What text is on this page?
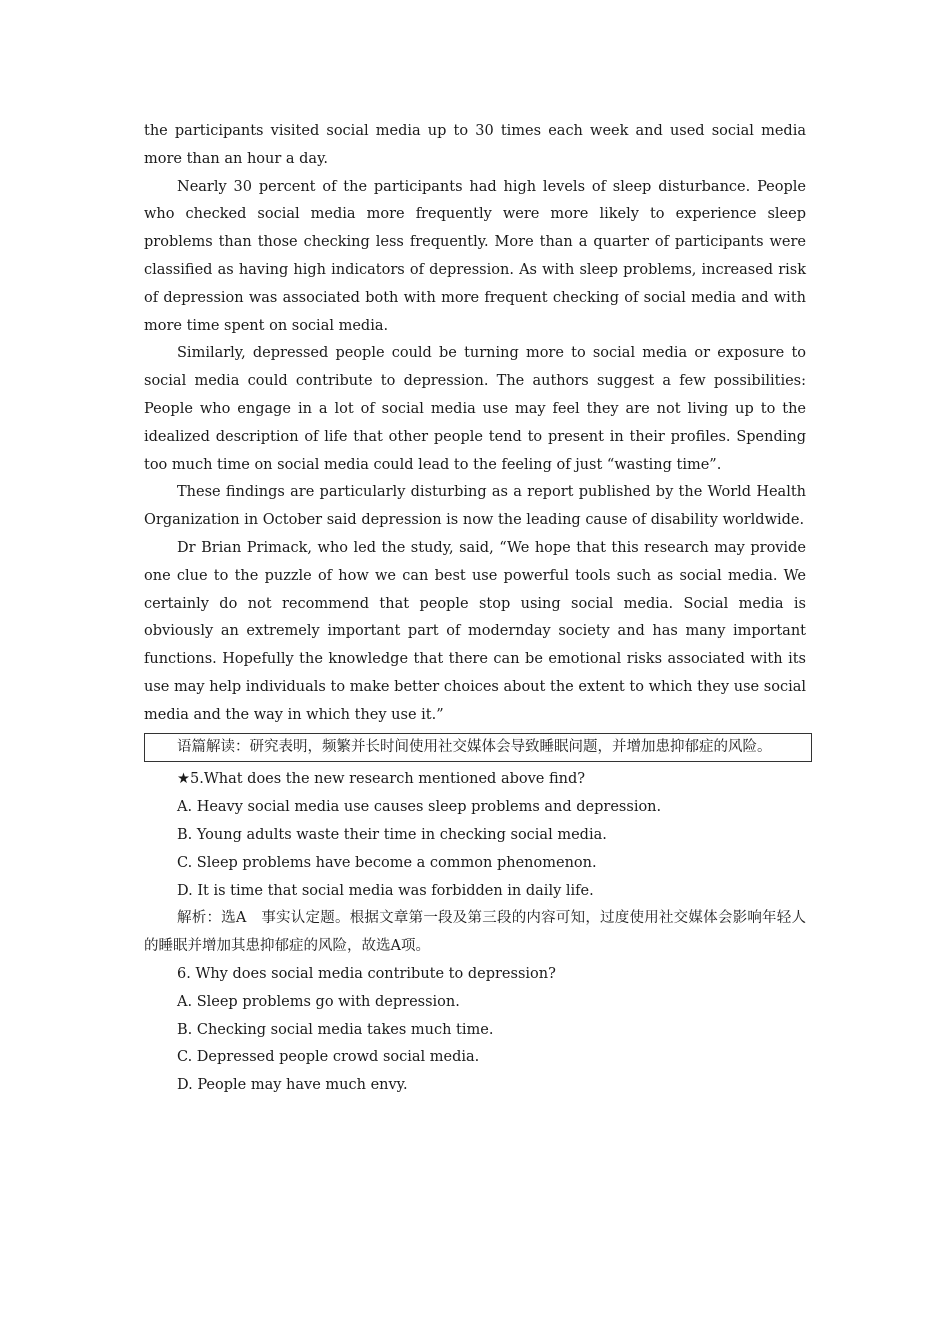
the participants visited social media up to 30 times each week and used social media more than an hour a day.

Nearly 30 percent of the participants had high levels of sleep disturbance. People who checked social media more frequently were more likely to experience sleep problems than those checking less frequently. More than a quarter of participants were classified as having high indicators of depression. As with sleep problems, increased risk of depression was associated both with more frequent checking of social media and with more time spent on social media.

Similarly, depressed people could be turning more to social media or exposure to social media could contribute to depression. The authors suggest a few possibilities: People who engage in a lot of social media use may feel they are not living up to the idealized description of life that other people tend to present in their profiles. Spending too much time on social media could lead to the feeling of just “wasting time”.

These findings are particularly disturbing as a report published by the World Health Organization in October said depression is now the leading cause of disability worldwide.

Dr Brian Primack, who led the study, said, “We hope that this research may provide one clue to the puzzle of how we can best use powerful tools such as social media. We certainly do not recommend that people stop using social media. Social media is obviously an extremely important part of modernday society and has many important functions. Hopefully the knowledge that there can be emotional risks associated with its use may help individuals to make better choices about the extent to which they use social media and the way in which they use it.”

语篇解读：研究表明，频繁并长时间使用社交媒体会导致睡眠问题，并增加患抑郁症的风险。

★5.What does the new research mentioned above find?

A. Heavy social media use causes sleep problems and depression.

B. Young adults waste their time in checking social media.

C. Sleep problems have become a common phenomenon.

D. It is time that social media was forbidden in daily life.

解析：选A　事实认定题。根据文章第一段及第三段的内容可知，过度使用社交媒体会影响年轻人的睡眠并增加其患抑郁症的风险，故选A项。

6. Why does social media contribute to depression?

A. Sleep problems go with depression.

B. Checking social media takes much time.

C. Depressed people crowd social media.

D. People may have much envy.
